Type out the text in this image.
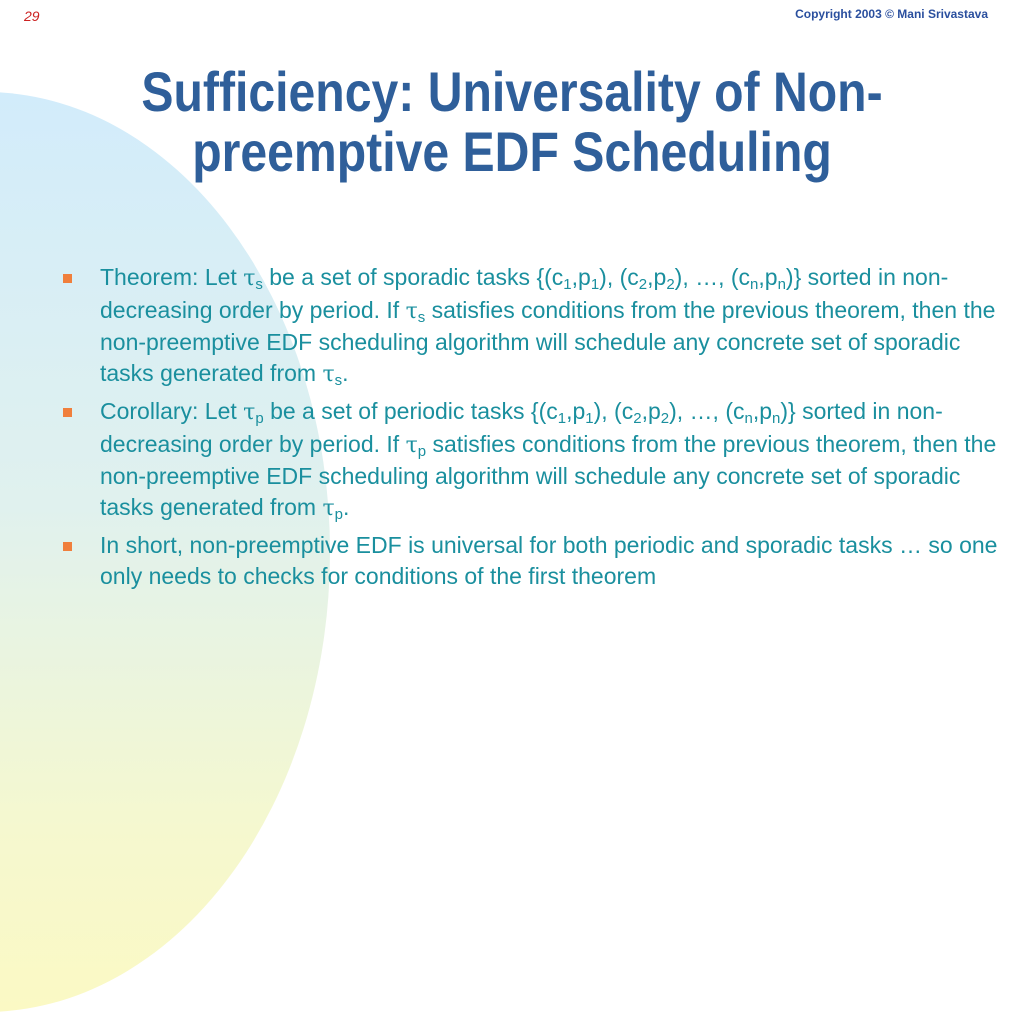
29	Copyright 2003 © Mani Srivastava
Sufficiency: Universality of Non-
preemptive EDF Scheduling
Theorem: Let $\tau_s$ be a set of sporadic tasks {$(c_1,p_1)$, $(c_2,p_2)$, …, $(c_n,p_n)$} sorted in non-decreasing order by period. If $\tau_s$ satisfies conditions from the previous theorem, then the non-preemptive EDF scheduling algorithm will schedule any concrete set of sporadic tasks generated from $\tau_s$.
Corollary: Let $\tau_p$ be a set of periodic tasks {$(c_1,p_1)$, $(c_2,p_2)$, …, $(c_n,p_n)$} sorted in non-decreasing order by period. If $\tau_p$ satisfies conditions from the previous theorem, then the non-preemptive EDF scheduling algorithm will schedule any concrete set of sporadic tasks generated from $\tau_p$.
In short, non-preemptive EDF is universal for both periodic and sporadic tasks … so one only needs to checks for conditions of the first theorem
